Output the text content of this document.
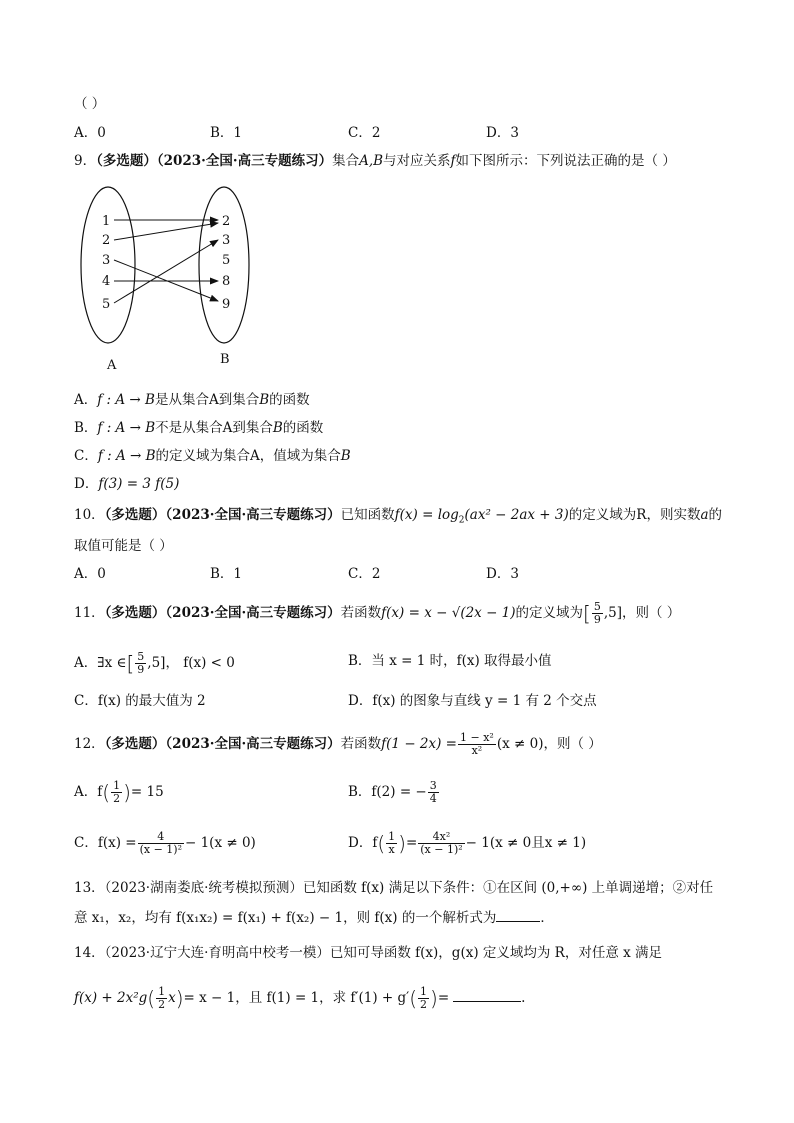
（ ）
A．0	B．1	C．2	D．3
9．（多选题）（2023·全国·高三专题练习）集合A,B与对应关系f如下图所示：下列说法正确的是（ ）
1
2
3
4
5
2
3
5
8
9
A	B
A．f : A → B是从集合A到集合B的函数
B．f : A → B不是从集合A到集合B的函数
C．f : A → B的定义域为集合A，值域为集合B
D．f(3) = 3 f(5)
10．（多选题）（2023·全国·高三专题练习）已知函数$f(x) = \log_2(ax^2 - 2ax + 3)$的定义域为R，则实数a的
取值可能是（ ）
A．0	B．1	C．2	D．3
11．（多选题）（2023·全国·高三专题练习）若函数f(x) = x − √(2x − 1)的定义域为[ $\frac{5}{9} ,5$]，则（ ）
A．∃x ∈[ $\frac{5}{9} ,5$]， f(x) < 0	B．当 x = 1 时，f(x) 取得最小值
C．f(x) 的最大值为 2	D．f(x) 的图象与直线 y = 1 有 2 个交点
12．（多选题）（2023·全国·高三专题练习）若函数$f(1 - 2x) = \frac{\text{1 − x²}}{\text{x²}} (x \ne 0)$，则（ ）
A．$f( \frac{1}{2}$ )= 15	B．f(2) = − $\frac{3}{4}$
C．$f(x) = \frac{4}{\text{(x − 1)²}} - 1(x \ne 0)$	D．$f( \frac{1}{x}$ )= $\frac{\text{4x²}}{\text{(x − 1)²}} - 1(x \ne 0$且x ≠ 1)
13．（2023·湖南娄底·统考模拟预测）已知函数 f(x) 满足以下条件：①在区间 (0,+∞) 上单调递增；②对任
意 x₁，x₂，均有 f(x₁x₂) = f(x₁) + f(x₂) − 1，则 f(x) 的一个解析式为	．
14．（2023·辽宁大连·育明高中校考一模）已知可导函数 f(x)，g(x) 定义域均为 R，对任意 x 满足
$f(x) + 2x^2g( \frac{1}{2} x)= x - 1$，且 f(1) = 1，求 $f'(1) + g'( \frac{1}{2}$ )=	.
